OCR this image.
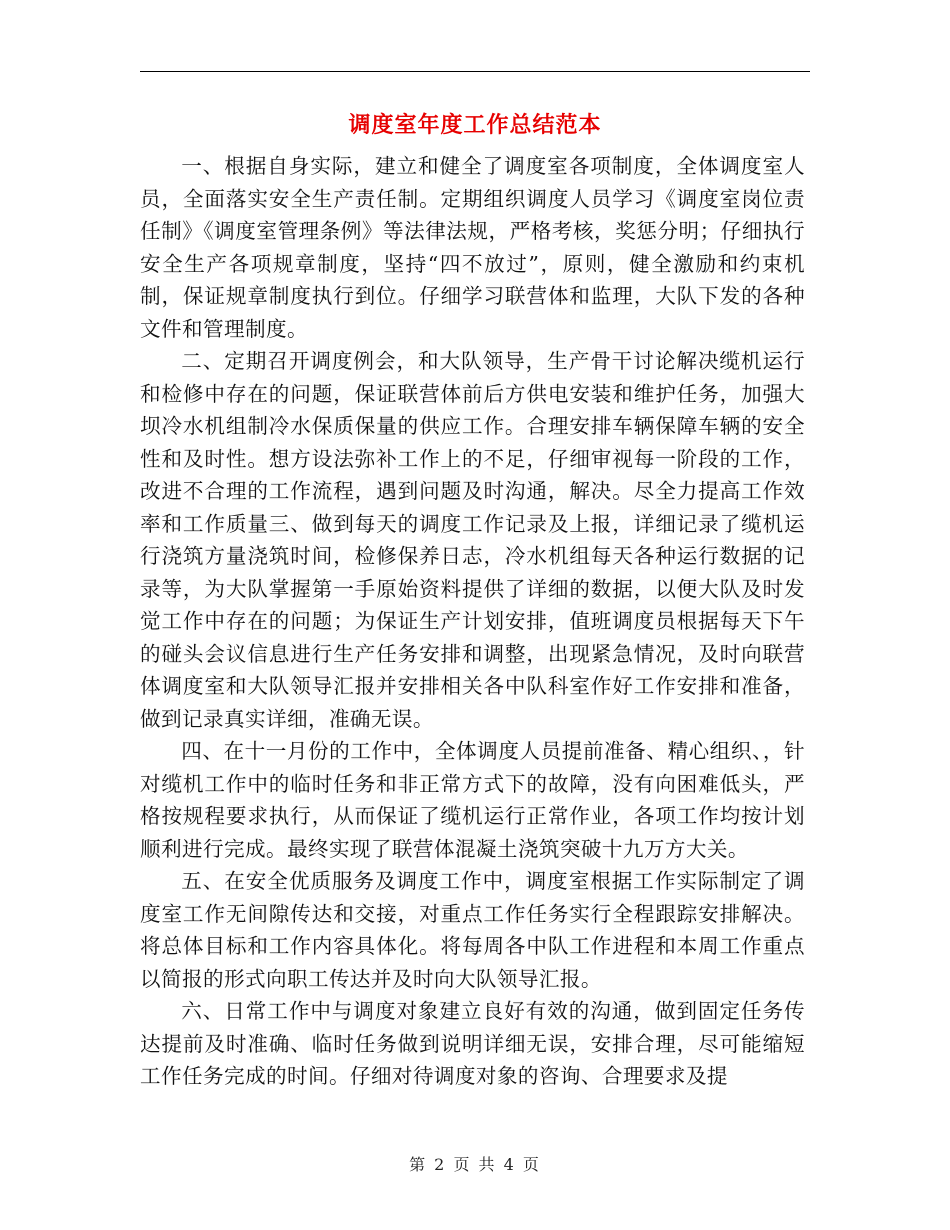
调度室年度工作总结范本

一、根据自身实际，建立和健全了调度室各项制度，全体调度室人员，全面落实安全生产责任制。定期组织调度人员学习《调度室岗位责任制》《调度室管理条例》等法律法规，严格考核，奖惩分明；仔细执行安全生产各项规章制度，坚持“四不放过”，原则，健全激励和约束机制，保证规章制度执行到位。仔细学习联营体和监理，大队下发的各种文件和管理制度。

二、定期召开调度例会，和大队领导，生产骨干讨论解决缆机运行和检修中存在的问题，保证联营体前后方供电安装和维护任务，加强大坝冷水机组制冷水保质保量的供应工作。合理安排车辆保障车辆的安全性和及时性。想方设法弥补工作上的不足，仔细审视每一阶段的工作，改进不合理的工作流程，遇到问题及时沟通，解决。尽全力提高工作效率和工作质量三、做到每天的调度工作记录及上报，详细记录了缆机运行浇筑方量浇筑时间，检修保养日志，冷水机组每天各种运行数据的记录等，为大队掌握第一手原始资料提供了详细的数据，以便大队及时发觉工作中存在的问题；为保证生产计划安排，值班调度员根据每天下午的碰头会议信息进行生产任务安排和调整，出现紧急情况，及时向联营体调度室和大队领导汇报并安排相关各中队科室作好工作安排和准备，做到记录真实详细，准确无误。

四、在十一月份的工作中，全体调度人员提前准备、精心组织、，针对缆机工作中的临时任务和非正常方式下的故障，没有向困难低头，严格按规程要求执行，从而保证了缆机运行正常作业，各项工作均按计划顺利进行完成。最终实现了联营体混凝土浇筑突破十九万方大关。

五、在安全优质服务及调度工作中，调度室根据工作实际制定了调度室工作无间隙传达和交接，对重点工作任务实行全程跟踪安排解决。将总体目标和工作内容具体化。将每周各中队工作进程和本周工作重点以简报的形式向职工传达并及时向大队领导汇报。

六、日常工作中与调度对象建立良好有效的沟通，做到固定任务传达提前及时准确、临时任务做到说明详细无误，安排合理，尽可能缩短工作任务完成的时间。仔细对待调度对象的咨询、合理要求及提

第 2 页 共 4 页
